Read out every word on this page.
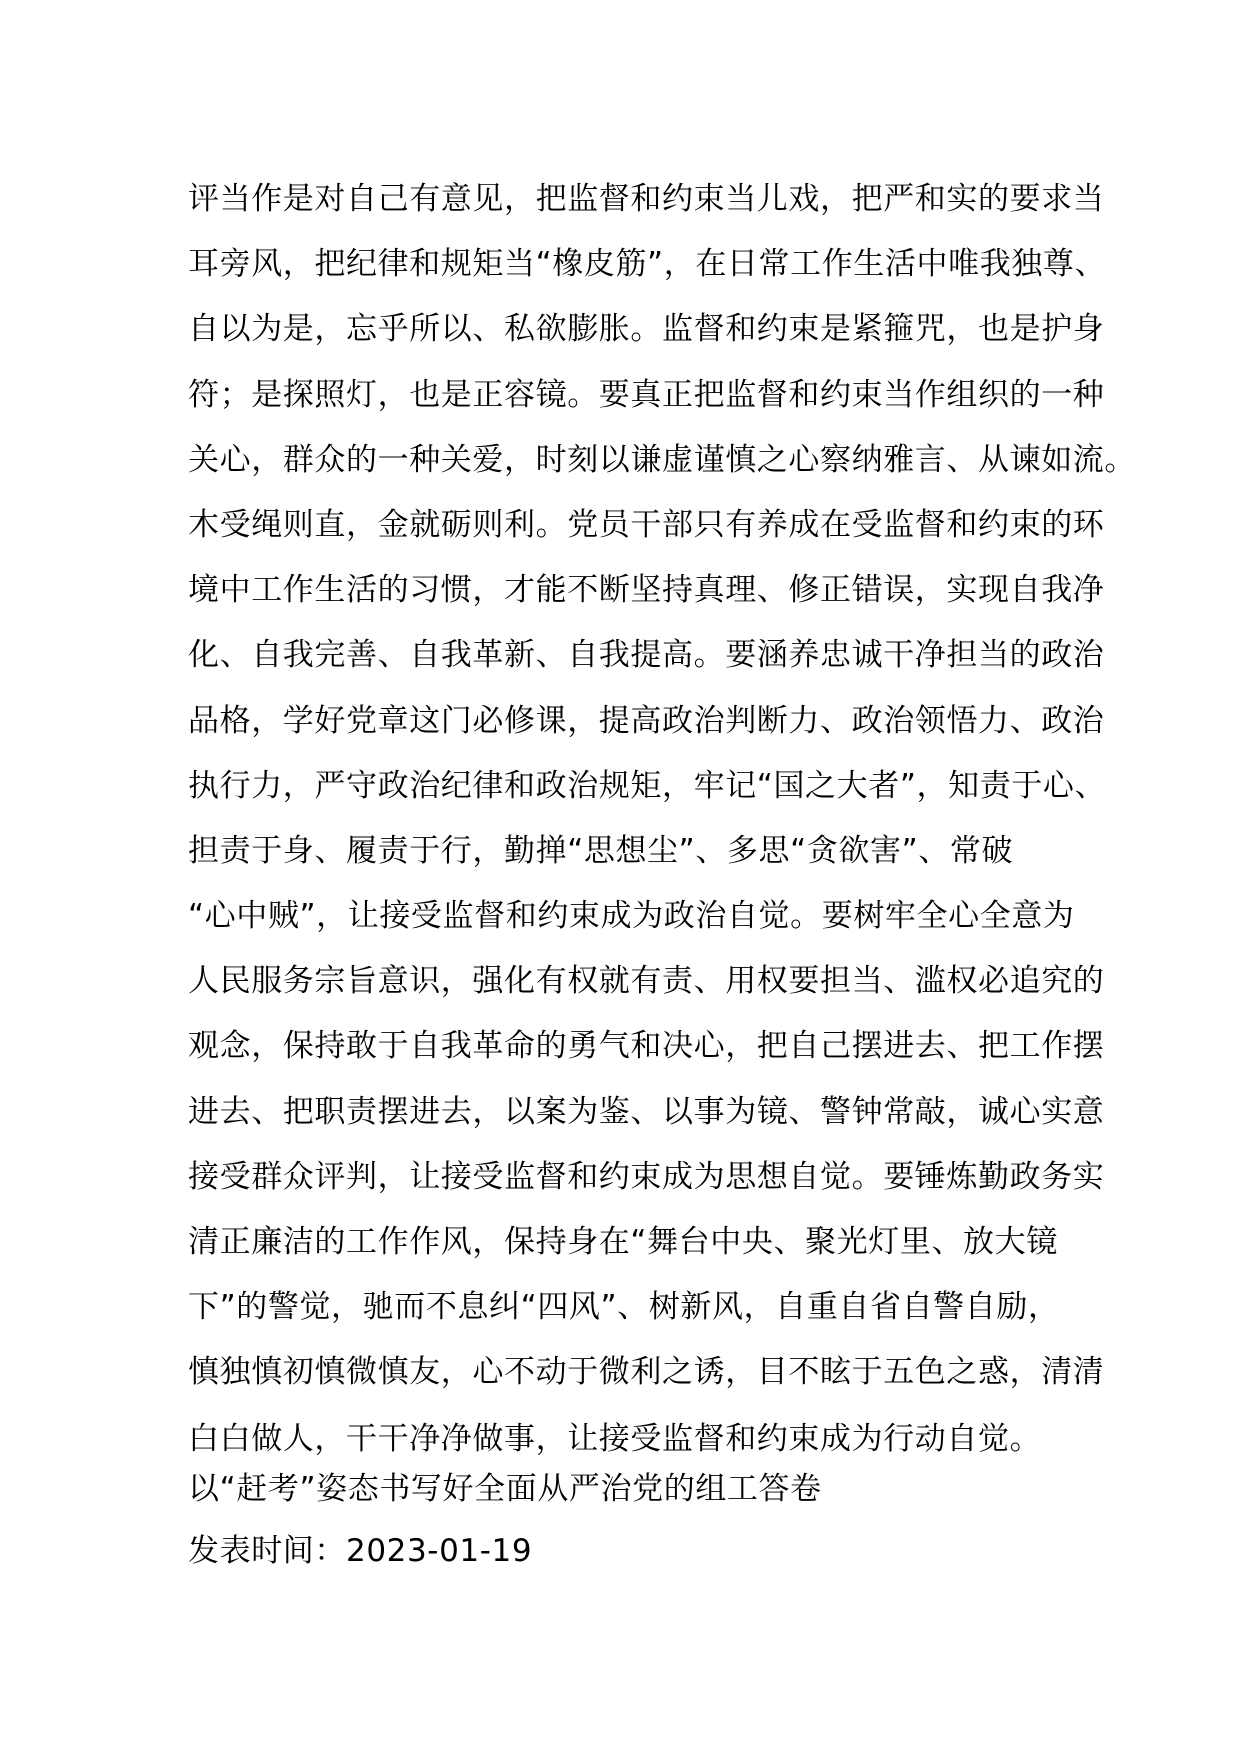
评当作是对自己有意见，把监督和约束当儿戏，把严和实的要求当
耳旁风，把纪律和规矩当“橡皮筋”，在日常工作生活中唯我独尊、
自以为是，忘乎所以、私欲膨胀。监督和约束是紧箍咒，也是护身
符；是探照灯，也是正容镜。要真正把监督和约束当作组织的一种
关心，群众的一种关爱，时刻以谦虚谨慎之心察纳雅言、从谏如流。
木受绳则直，金就砺则利。党员干部只有养成在受监督和约束的环
境中工作生活的习惯，才能不断坚持真理、修正错误，实现自我净
化、自我完善、自我革新、自我提高。要涵养忠诚干净担当的政治
品格，学好党章这门必修课，提高政治判断力、政治领悟力、政治
执行力，严守政治纪律和政治规矩，牢记“国之大者”，知责于心、
担责于身、履责于行，勤掸“思想尘”、多思“贪欲害”、常破
“心中贼”，让接受监督和约束成为政治自觉。要树牢全心全意为
人民服务宗旨意识，强化有权就有责、用权要担当、滥权必追究的
观念，保持敢于自我革命的勇气和决心，把自己摆进去、把工作摆
进去、把职责摆进去，以案为鉴、以事为镜、警钟常敲，诚心实意
接受群众评判，让接受监督和约束成为思想自觉。要锤炼勤政务实
清正廉洁的工作作风，保持身在“舞台中央、聚光灯里、放大镜
下”的警觉，驰而不息纠“四风”、树新风，自重自省自警自励，
慎独慎初慎微慎友，心不动于微利之诱，目不眩于五色之惑，清清
白白做人，干干净净做事，让接受监督和约束成为行动自觉。
以“赶考”姿态书写好全面从严治党的组工答卷
发表时间：2023-01-19
